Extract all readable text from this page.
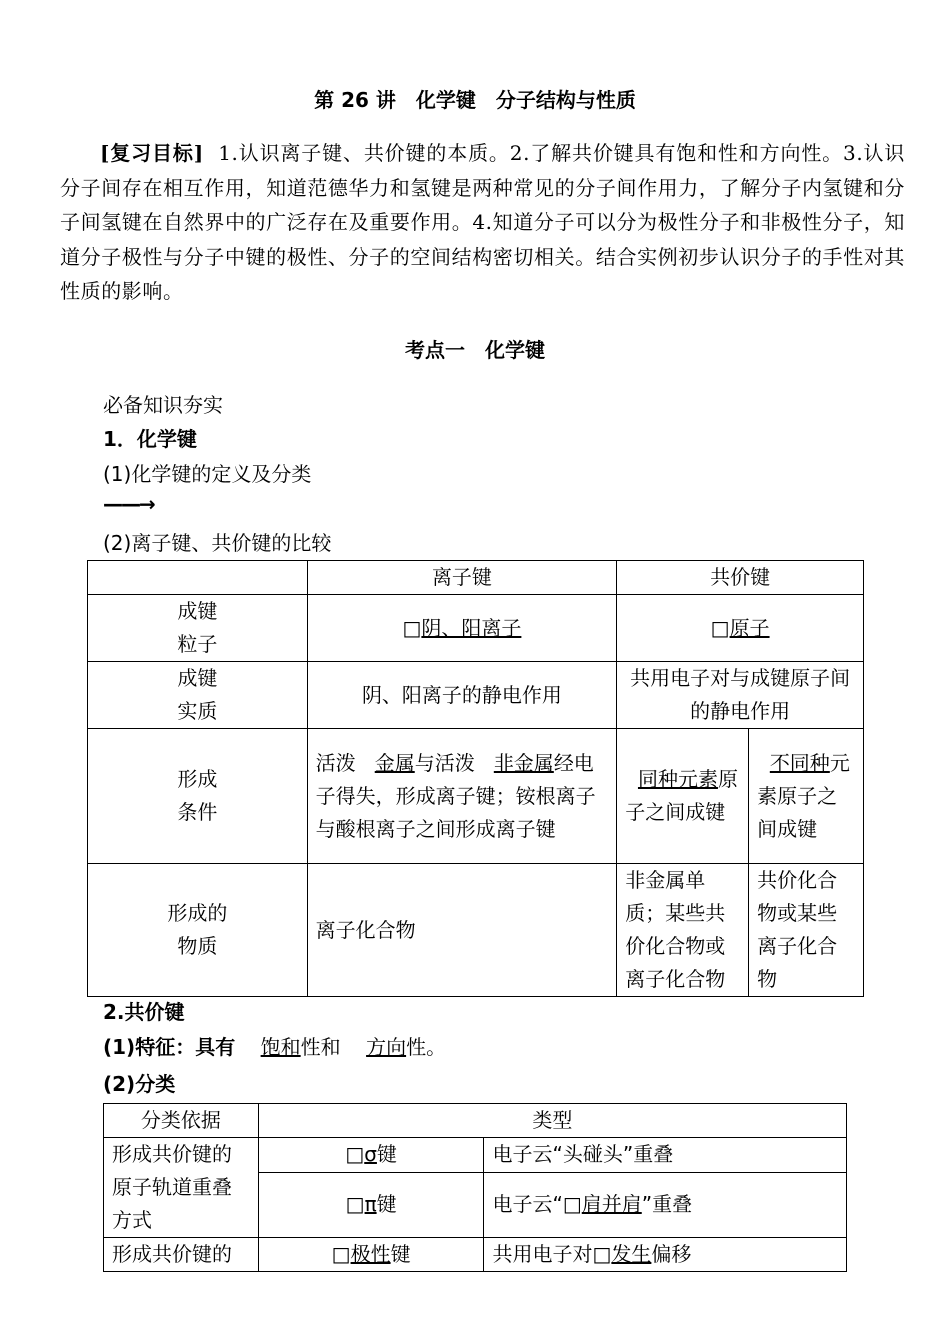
第 26 讲 化学键 分子结构与性质
[复习目标] 1.认识离子键、共价键的本质。2.了解共价键具有饱和性和方向性。3.认识分子间存在相互作用，知道范德华力和氢键是两种常见的分子间作用力，了解分子内氢键和分子间氢键在自然界中的广泛存在及重要作用。4.知道分子可以分为极性分子和非极性分子，知道分子极性与分子中键的极性、分子的空间结构密切相关。结合实例初步认识分子的手性对其性质的影响。
考点一 化学键
必备知识夯实
1．化学键
(1)化学键的定义及分类
——→
(2)离子键、共价键的比较
	离子键	共价键	
成键
粒子	□阴、阳离子	□原子	
成键
实质	阴、阳离子的静电作用	共用电子对与成键原子间的静电作用	
形成
条件	活泼 金属与活泼 非金属经电子得失，形成离子键；铵根离子与酸根离子之间形成离子键	同种元素原子之间成键	不同种元素原子之间成键
形成的
物质	离子化合物	非金属单质；某些共价化合物或离子化合物	共价化合物或某些离子化合物
2.共价键
(1)特征：具有 饱和性和 方向性。
(2)分类
分类依据	类型	
形成共价键的原子轨道重叠方式	□σ键	电子云“头碰头”重叠
	□π键	电子云“□肩并肩”重叠
形成共价键的	□极性键	共用电子对□发生偏移
